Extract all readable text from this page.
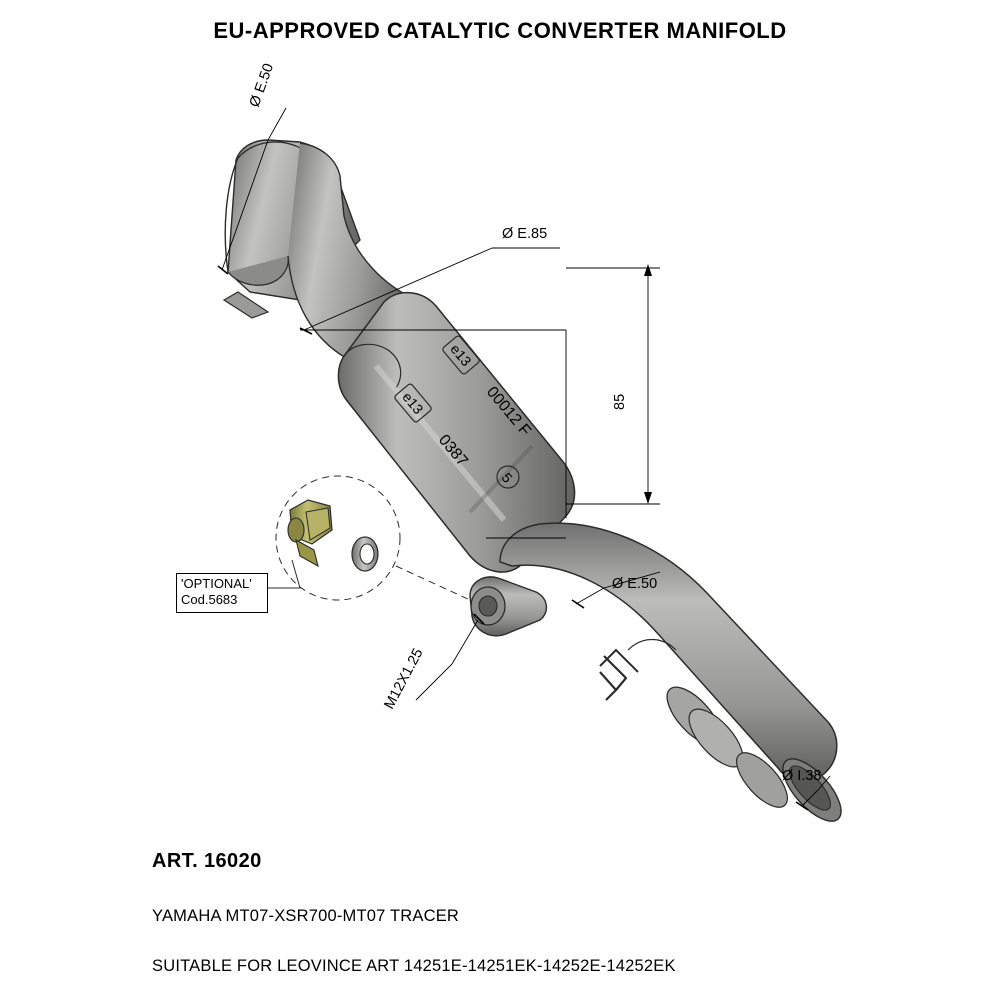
EU-APPROVED CATALYTIC CONVERTER MANIFOLD
e13
00012 F
e13
0387
5
Ø E.50
Ø E.85
85
Ø E.50
Ø I.38
M12X1.25
'OPTIONAL'
Cod.5683
ART. 16020
YAMAHA MT07-XSR700-MT07 TRACER
SUITABLE FOR LEOVINCE ART 14251E-14251EK-14252E-14252EK
